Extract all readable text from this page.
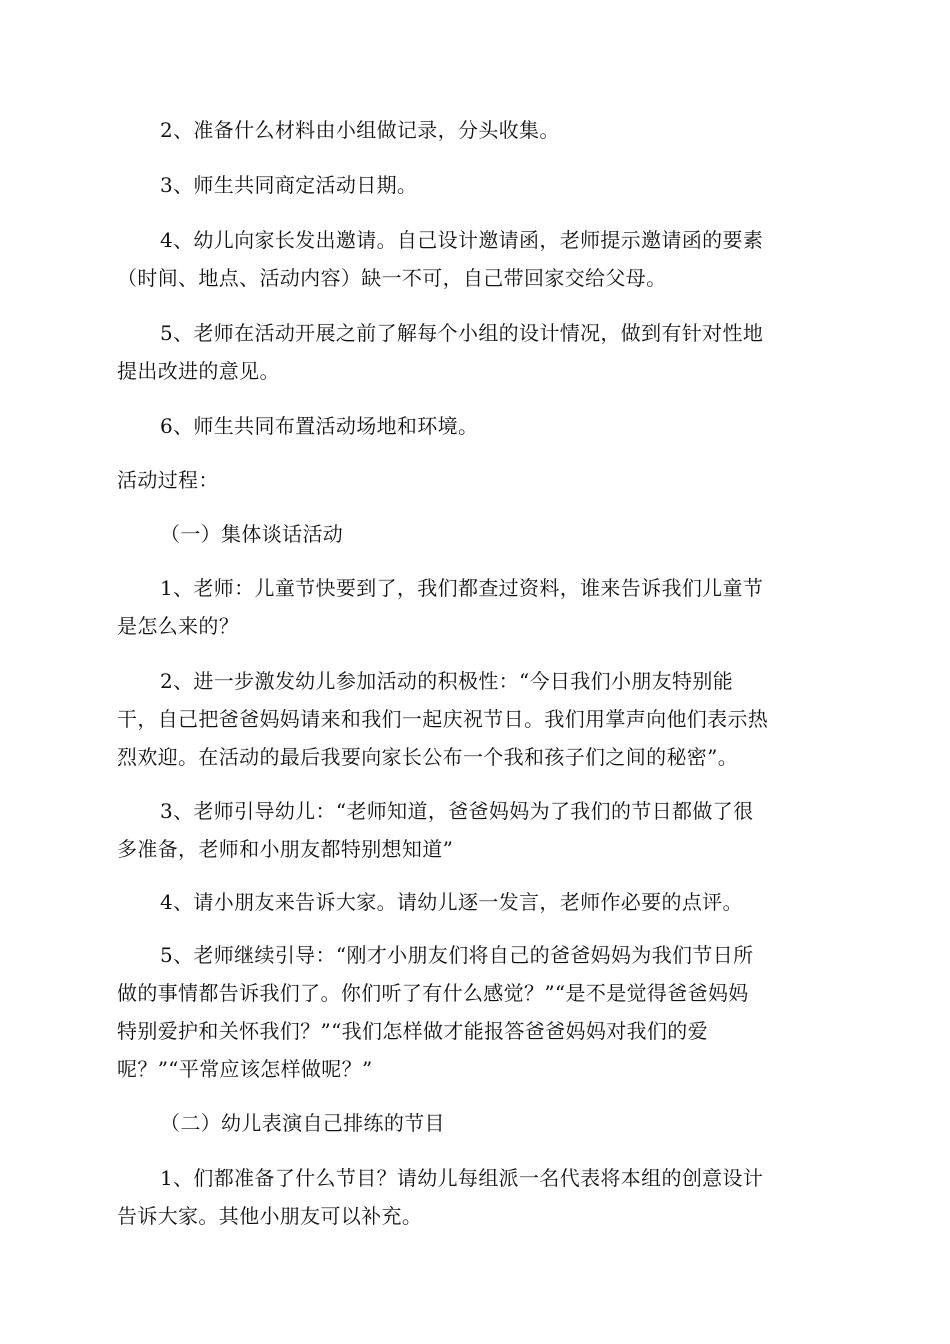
2、准备什么材料由小组做记录，分头收集。
3、师生共同商定活动日期。
4、幼儿向家长发出邀请。自己设计邀请函，老师提示邀请函的要素
（时间、地点、活动内容）缺一不可，自己带回家交给父母。
5、老师在活动开展之前了解每个小组的设计情况，做到有针对性地
提出改进的意见。
6、师生共同布置活动场地和环境。
活动过程：
（一）集体谈话活动
1、老师：儿童节快要到了，我们都查过资料，谁来告诉我们儿童节
是怎么来的？
2、进一步激发幼儿参加活动的积极性：“今日我们小朋友特别能
干，自己把爸爸妈妈请来和我们一起庆祝节日。我们用掌声向他们表示热
烈欢迎。在活动的最后我要向家长公布一个我和孩子们之间的秘密”。
3、老师引导幼儿：“老师知道，爸爸妈妈为了我们的节日都做了很
多准备，老师和小朋友都特别想知道”
4、请小朋友来告诉大家。请幼儿逐一发言，老师作必要的点评。
5、老师继续引导：“刚才小朋友们将自己的爸爸妈妈为我们节日所
做的事情都告诉我们了。你们听了有什么感觉？”“是不是觉得爸爸妈妈
特别爱护和关怀我们？”“我们怎样做才能报答爸爸妈妈对我们的爱
呢？”“平常应该怎样做呢？”
（二）幼儿表演自己排练的节目
1、们都准备了什么节目？请幼儿每组派一名代表将本组的创意设计
告诉大家。其他小朋友可以补充。
